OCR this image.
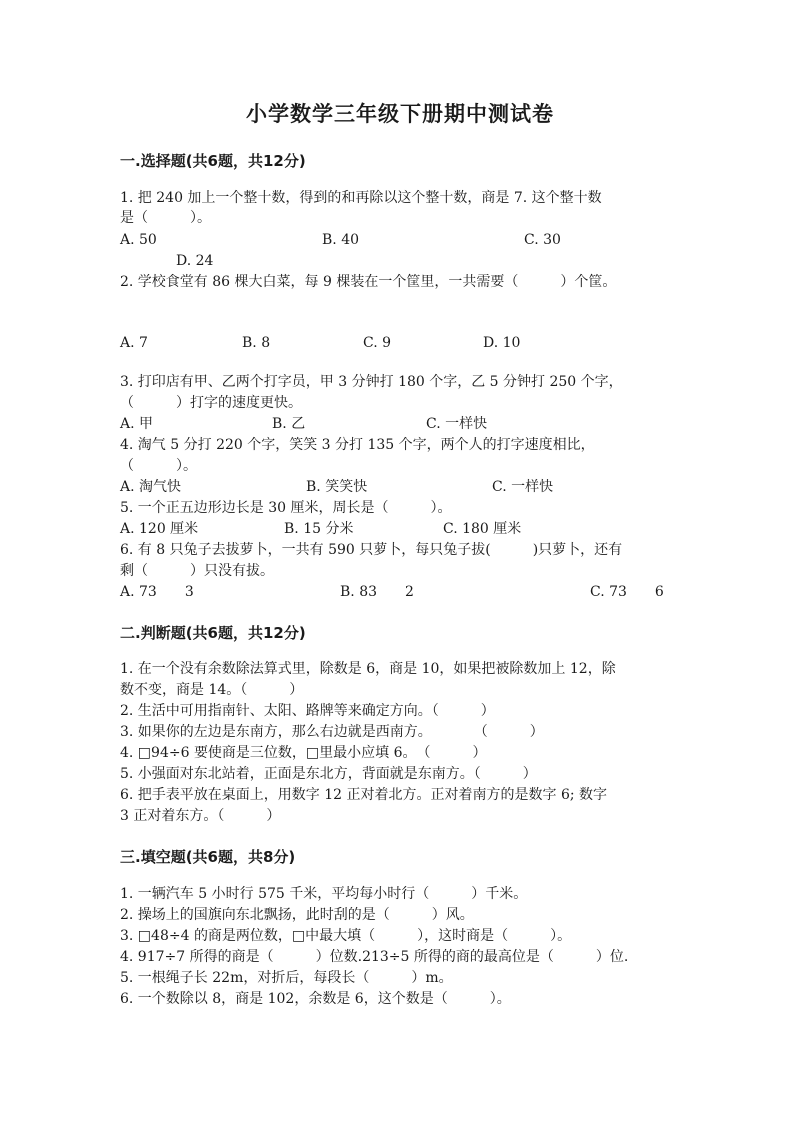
小学数学三年级下册期中测试卷
一.选择题(共6题，共12分)
1. 把 240 加上一个整十数，得到的和再除以这个整十数，商是 7. 这个整十数
是（　　　）。
A. 50	B. 40	C. 30
D. 24
2. 学校食堂有 86 棵大白菜，每 9 棵装在一个筐里，一共需要（　　　）个筐。
A. 7	B. 8	C. 9	D. 10
3. 打印店有甲、乙两个打字员，甲 3 分钟打 180 个字，乙 5 分钟打 250 个字，
（　　　）打字的速度更快。
A. 甲	B. 乙	C. 一样快
4. 淘气 5 分打 220 个字，笑笑 3 分打 135 个字，两个人的打字速度相比，
（　　　）。
A. 淘气快	B. 笑笑快	C. 一样快
5. 一个正五边形边长是 30 厘米，周长是（　　　）。
A. 120 厘米	B. 15 分米	C. 180 厘米
6. 有 8 只兔子去拔萝卜，一共有 590 只萝卜，每只兔子拔(　　　)只萝卜，还有
剩（　　　）只没有拔。
A. 73　　3	B. 83　　2	C. 73　　6
二.判断题(共6题，共12分)
1. 在一个没有余数除法算式里，除数是 6，商是 10，如果把被除数加上 12，除
数不变，商是 14。（　　　）
2. 生活中可用指南针、太阳、路牌等来确定方向。（　　　）
3. 如果你的左边是东南方，那么右边就是西南方。　　　　（　　　）
4. □94÷6 要使商是三位数，□里最小应填 6。　（　　　）
5. 小强面对东北站着，正面是东北方，背面就是东南方。（　　　）
6. 把手表平放在桌面上，用数字 12 正对着北方。正对着南方的是数字 6; 数字
3 正对着东方。（　　　）
三.填空题(共6题，共8分)
1. 一辆汽车 5 小时行 575 千米，平均每小时行（　　　）千米。
2. 操场上的国旗向东北飘扬，此时刮的是（　　　）风。
3. □48÷4 的商是两位数，□中最大填（　　　），这时商是（　　　）。
4. 917÷7 所得的商是（　　　）位数.213÷5 所得的商的最高位是（　　　）位.
5. 一根绳子长 22m，对折后，每段长（　　　）m。
6. 一个数除以 8，商是 102，余数是 6，这个数是（　　　）。
